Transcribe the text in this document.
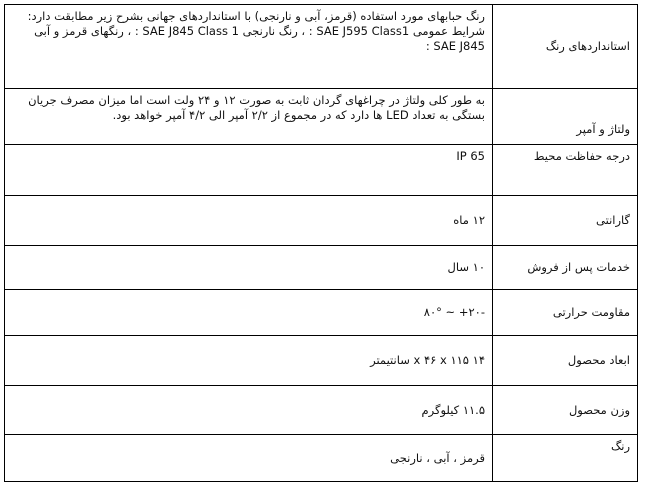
استانداردهای رنگ	رنگ حبابهای مورد استفاده (قرمز، آبی و نارنجی) با استانداردهای جهانی بشرح زیر مطابقت دارد: شرایط عمومی SAE J595 Class1 : ، رنگ نارنجی SAE J845 Class 1 : ، رنگهای قرمز و آبی SAE J845 :
ولتاژ و آمپر	به طور کلی ولتاژ در چراغهای گردان ثابت به صورت ۱۲ و ۲۴ ولت است اما میزان مصرف جریان بستگی به تعداد LED ها دارد که در مجموع از ۲/۲ آمپر الی ۴/۲ آمپر خواهد بود.
درجه حفاظت محیط	IP 65
گارانتی	۱۲ ماه
خدمات پس از فروش	۱۰ سال
مقاومت حرارتی	-۲۰+ ~ ۸۰°
ابعاد محصول	۱۴ x ۴۶ x ۱۱۵ سانتیمتر
وزن محصول	۱۱.۵ کیلوگرم
رنگ	قرمز ، آبی ، نارنجی
